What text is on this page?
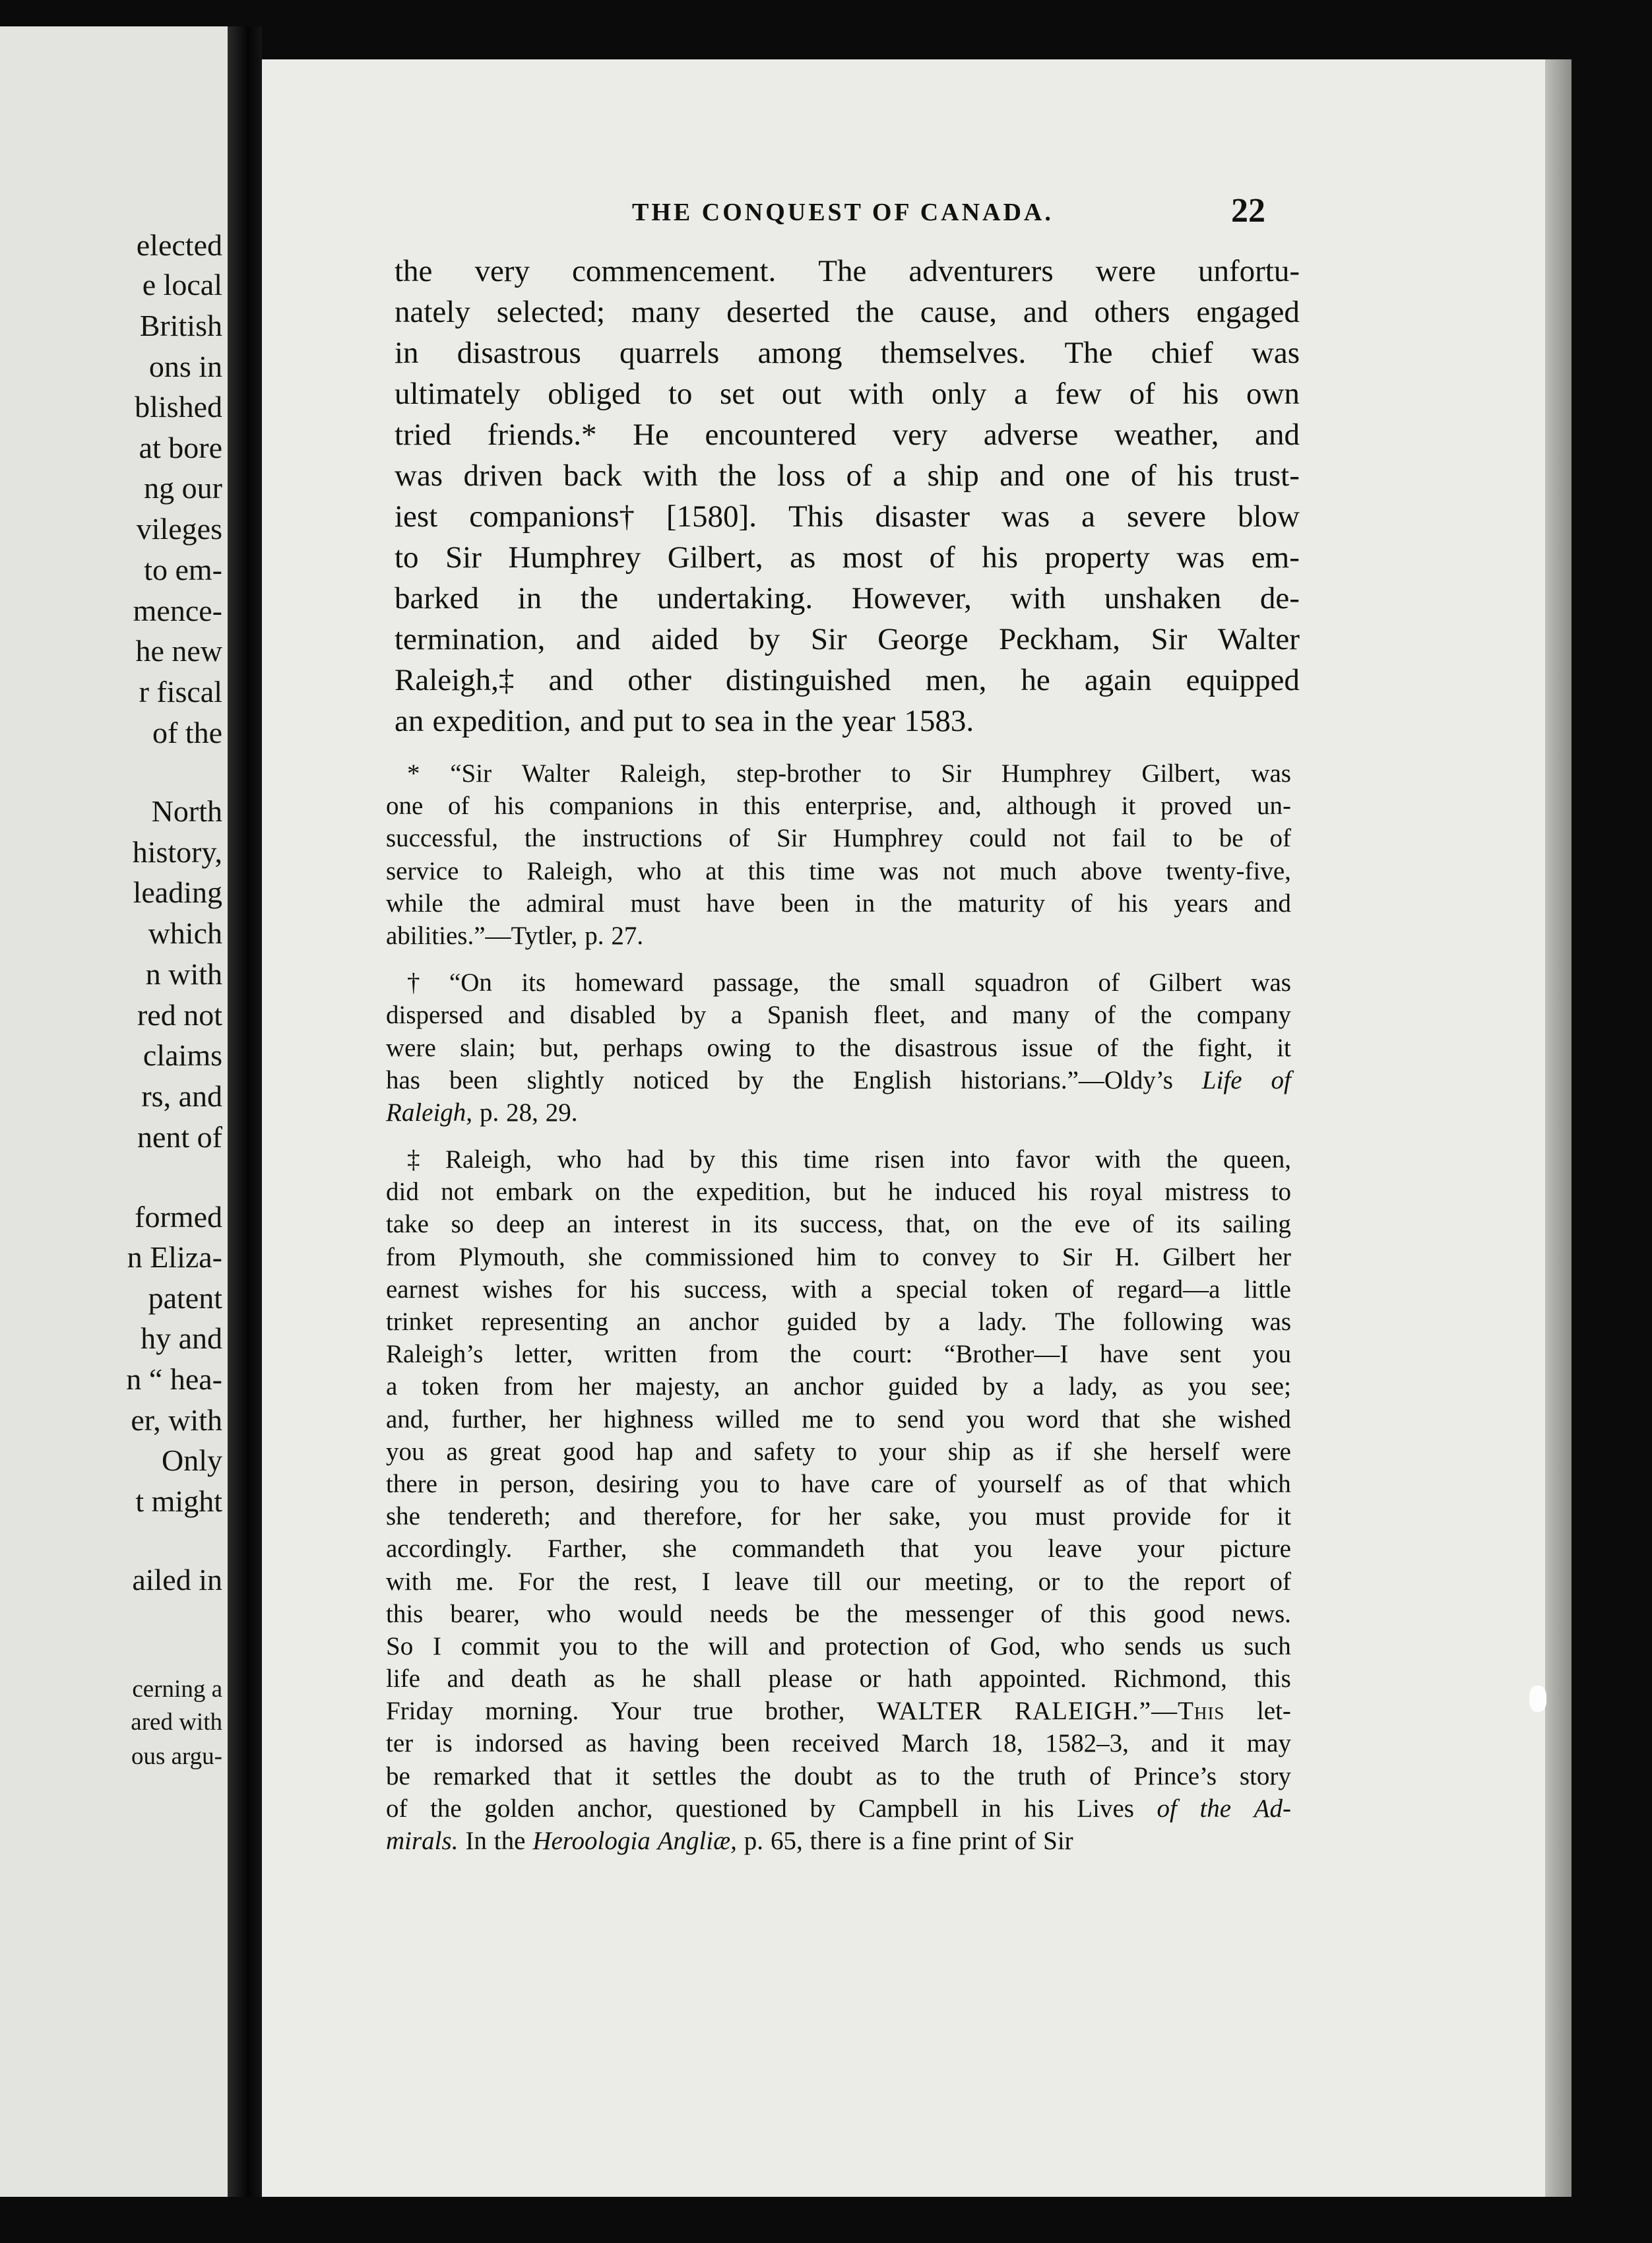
elected
e local
British
ons in
blished
at bore
ng our
vileges
to em-
mence-
he new
r fiscal
of the
North
history,
leading
which
n with
red not
claims
rs, and
nent of
formed
n Eliza-
patent
hy and
n “ hea-
er, with
Only
t might
ailed in
cerning a
ared with
ous argu-
THE CONQUEST OF CANADA.	22
the very commencement. The adventurers were unfortu-
nately selected; many deserted the cause, and others engaged
in disastrous quarrels among themselves. The chief was
ultimately obliged to set out with only a few of his own
tried friends.* He encountered very adverse weather, and
was driven back with the loss of a ship and one of his trust-
iest companions† [1580]. This disaster was a severe blow
to Sir Humphrey Gilbert, as most of his property was em-
barked in the undertaking. However, with unshaken de-
termination, and aided by Sir George Peckham, Sir Walter
Raleigh,‡ and other distinguished men, he again equipped
an expedition, and put to sea in the year 1583.
* “Sir Walter Raleigh, step-brother to Sir Humphrey Gilbert, was
one of his companions in this enterprise, and, although it proved un-
successful, the instructions of Sir Humphrey could not fail to be of
service to Raleigh, who at this time was not much above twenty-five,
while the admiral must have been in the maturity of his years and
abilities.”—Tytler, p. 27.
† “On its homeward passage, the small squadron of Gilbert was
dispersed and disabled by a Spanish fleet, and many of the company
were slain; but, perhaps owing to the disastrous issue of the fight, it
has been slightly noticed by the English historians.”—Oldy’s Life of
Raleigh, p. 28, 29.
‡ Raleigh, who had by this time risen into favor with the queen,
did not embark on the expedition, but he induced his royal mistress to
take so deep an interest in its success, that, on the eve of its sailing
from Plymouth, she commissioned him to convey to Sir H. Gilbert her
earnest wishes for his success, with a special token of regard—a little
trinket representing an anchor guided by a lady. The following was
Raleigh’s letter, written from the court: “Brother—I have sent you
a token from her majesty, an anchor guided by a lady, as you see;
and, further, her highness willed me to send you word that she wished
you as great good hap and safety to your ship as if she herself were
there in person, desiring you to have care of yourself as of that which
she tendereth; and therefore, for her sake, you must provide for it
accordingly. Farther, she commandeth that you leave your picture
with me. For the rest, I leave till our meeting, or to the report of
this bearer, who would needs be the messenger of this good news.
So I commit you to the will and protection of God, who sends us such
life and death as he shall please or hath appointed. Richmond, this
Friday morning. Your true brother, WALTER RALEIGH.”—This let-
ter is indorsed as having been received March 18, 1582–3, and it may
be remarked that it settles the doubt as to the truth of Prince’s story
of the golden anchor, questioned by Campbell in his Lives of the Ad-
mirals. In the Heroologia Angliæ, p. 65, there is a fine print of Sir
